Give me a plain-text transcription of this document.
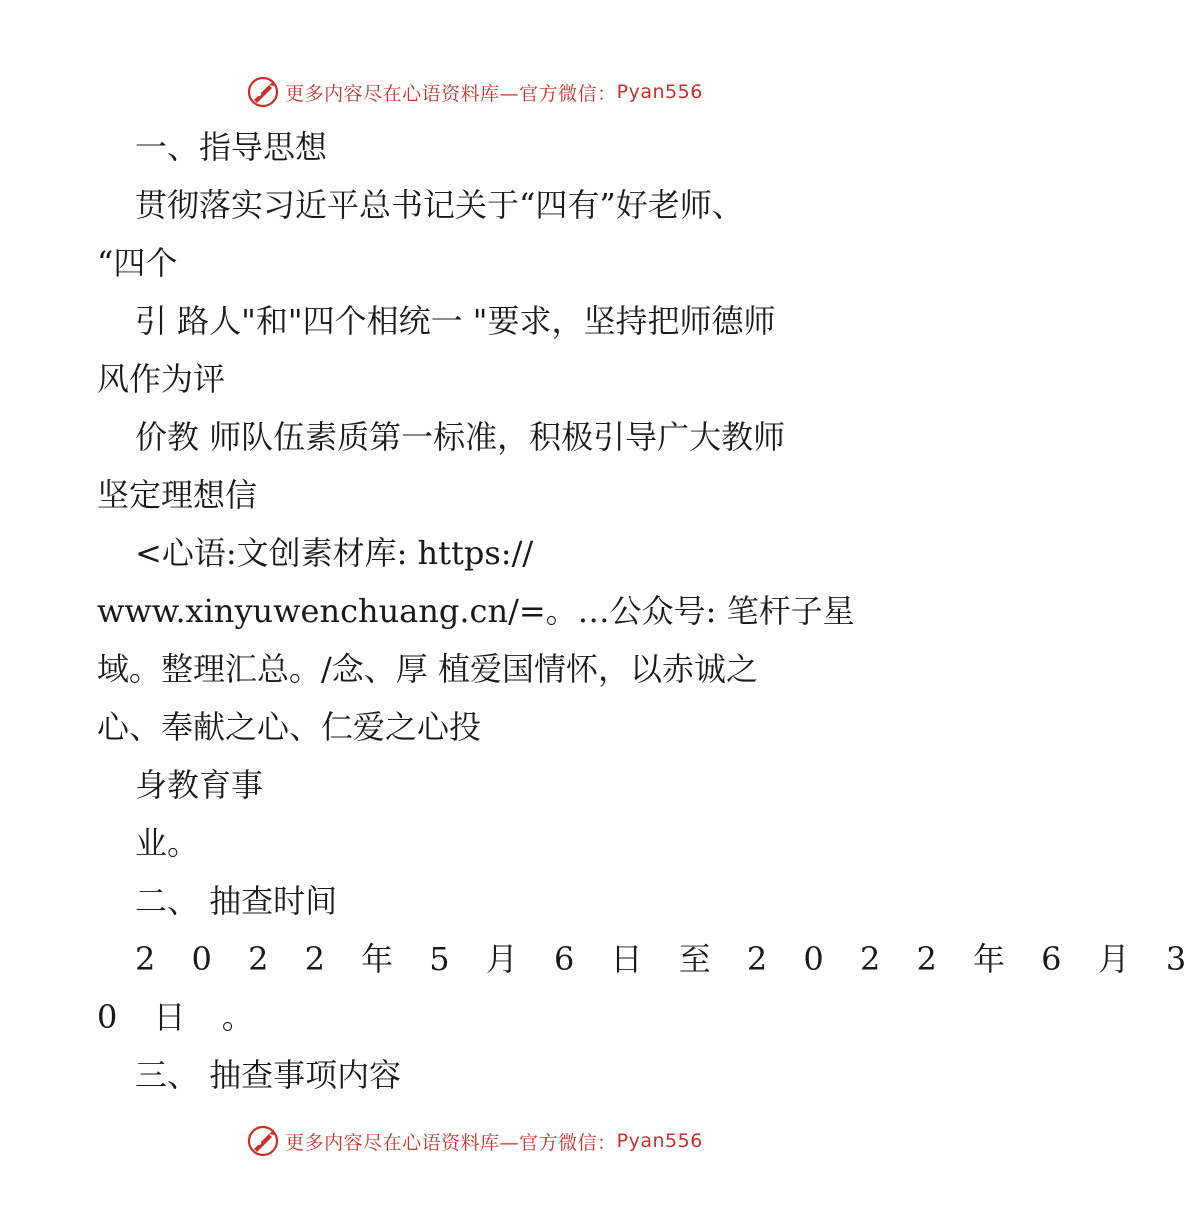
更多内容尽在心语资料库—官方微信： Pyan556

一、指导思想

贯彻落实习近平总书记关于“四有”好老师、

“四个

引 路人"和"四个相统一 "要求，坚持把师德师

风作为评

价教 师队伍素质第一标准，积极引导广大教师

坚定理想信

<心语:文创素材库: https://

www.xinyuwenchuang.cn/=。…公众号: 笔杆子星

域。整理汇总。/念、厚 植爱国情怀，以赤诚之

心、奉献之心、仁爱之心投

身教育事

业。

二、 抽查时间

2 0 2 2 年 5 月 6 日 至 2 0 2 2 年 6 月 3

0 日 。

三、 抽查事项内容

更多内容尽在心语资料库—官方微信： Pyan556
